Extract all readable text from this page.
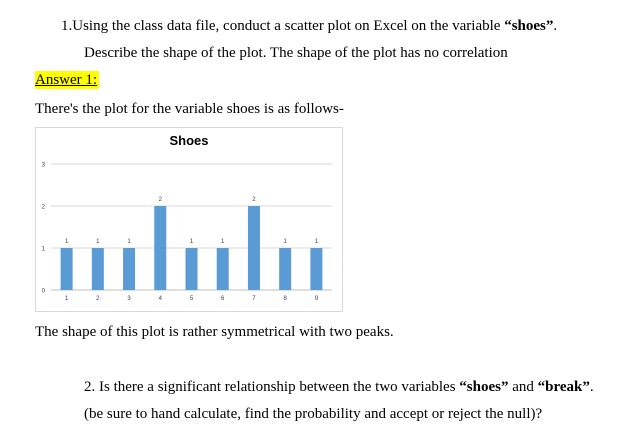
1.Using the class data file, conduct a scatter plot on Excel on the variable “shoes”.
Describe the shape of the plot. The shape of the plot has no correlation
Answer 1:
There's the plot for the variable shoes is as follows-
0
1
2
3
1
1
1
2
1
3
2
4
1
5
1
6
2
7
1
8
1
9
Shoes
The shape of this plot is rather symmetrical with two peaks.
2. Is there a significant relationship between the two variables “shoes” and “break”.
(be sure to hand calculate, find the probability and accept or reject the null)?
